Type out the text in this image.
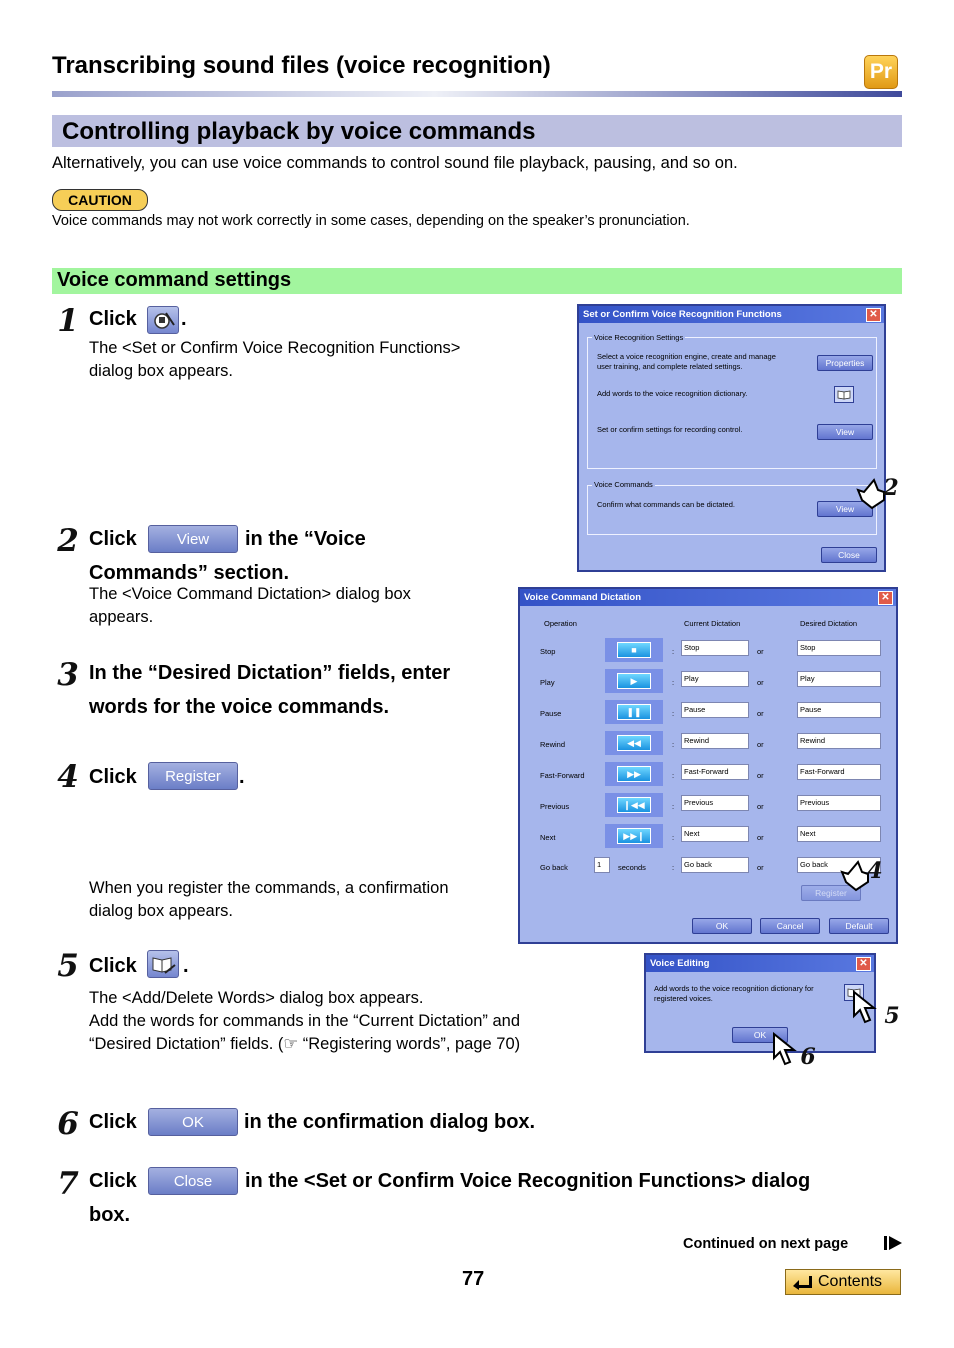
Transcribing sound files (voice recognition)	Pr
Controlling playback by voice commands
Alternatively, you can use voice commands to control sound file playback, pausing, and so on.
CAUTION
Voice commands may not work correctly in some cases, depending on the speaker’s pronunciation.
Voice command settings
1 Click .
The <Set or Confirm Voice Recognition Functions>
dialog box appears.
2 Click	View	in the “Voice
Commands” section.
The <Voice Command Dictation> dialog box
appears.
3 In the “Desired Dictation” fields, enter
words for the voice commands.
4 Click	Register .
When you register the commands, a confirmation
dialog box appears.
5 Click .
The <Add/Delete Words> dialog box appears.
Add the words for commands in the “Current Dictation” and
“Desired Dictation” fields. (☞ “Registering words”, page 70)
6 Click	OK	in the confirmation dialog box.
7 Click	Close	in the <Set or Confirm Voice Recognition Functions> dialog
box.
Set or Confirm Voice Recognition Functions	✕
Voice Recognition Settings
Select a voice recognition engine, create and manage
user training, and complete related settings.	Properties
Add words to the voice recognition dictionary.
Set or confirm settings for recording control.	View
Voice Commands
Confirm what commands can be dictated.	View
Close
2
Voice Command Dictation	✕
Operation	Current Dictation	Desired Dictation
Stop	■	:	Stop	or	Stop
Play	▶	:	Play	or	Play
Pause	❚❚	:	Pause	or	Pause
Rewind	◀◀	:	Rewind	or	Rewind
Fast-Forward	▶▶	:	Fast-Forward	or	Fast-Forward
Previous	❙◀◀	:	Previous	or	Previous
Next	▶▶❙	:	Next	or	Next
Go back	1	seconds	:	Go back	or	Go back
Register
OK	Cancel	Default
4
Voice Editing	✕
Add words to the voice recognition dictionary for
registered voices.
OK
5
6
Continued on next page
77	Contents
